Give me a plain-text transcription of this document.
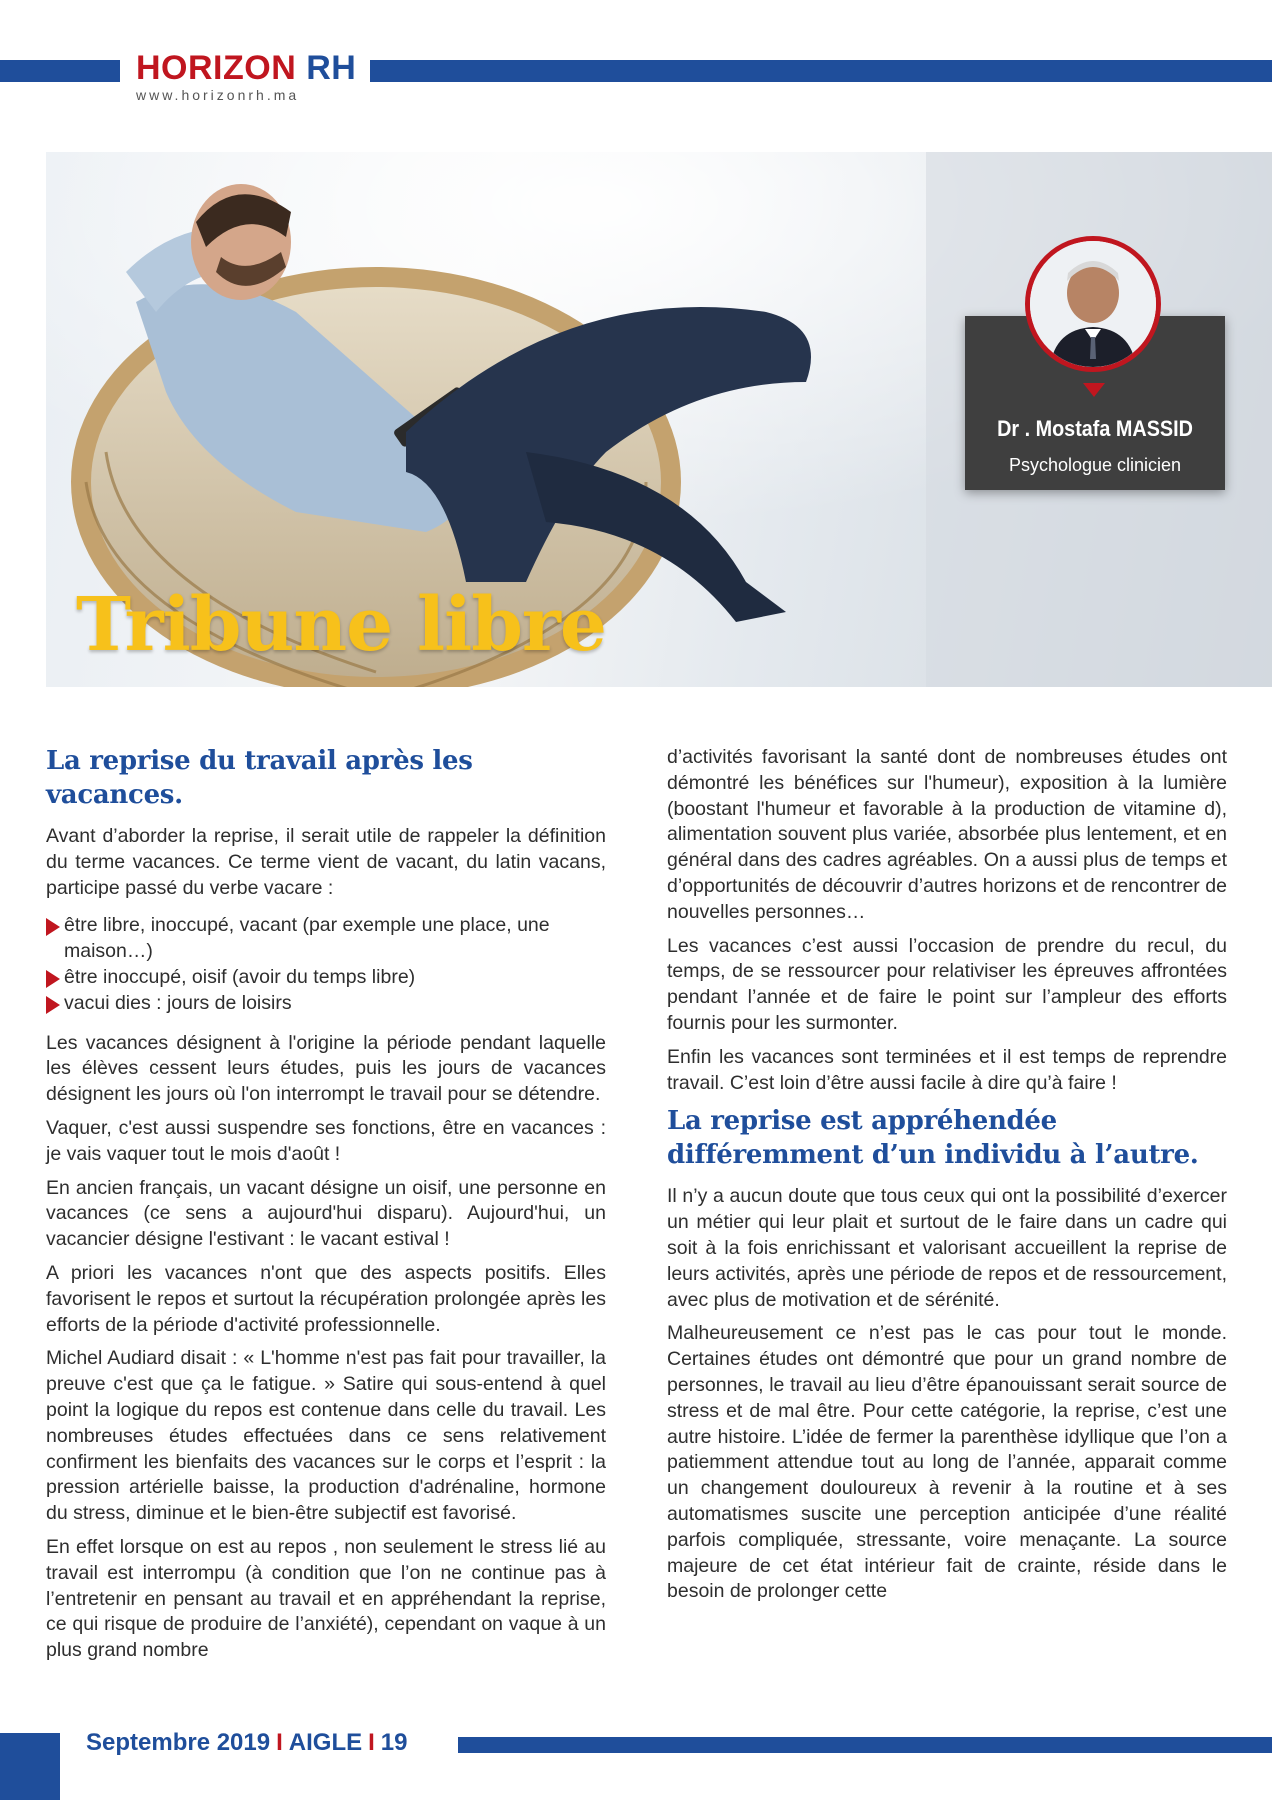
HORIZON RH
www.horizonrh.ma
Tribune libre
Dr . Mostafa MASSID
Psychologue clinicien
La reprise du travail après les vacances.

Avant d’aborder la reprise, il serait utile de rappeler la définition du terme vacances. Ce terme vient de vacant, du latin vacans, participe passé du verbe vacare :

être libre, inoccupé, vacant (par exemple une place, une maison…)
être inoccupé, oisif (avoir du temps libre)
vacui dies : jours de loisirs

Les vacances désignent à l'origine la période pendant laquelle les élèves cessent leurs études, puis les jours de vacances désignent les jours où l'on interrompt le travail pour se détendre.

Vaquer, c'est aussi suspendre ses fonctions, être en vacances : je vais vaquer tout le mois d'août !

En ancien français, un vacant désigne un oisif, une personne en vacances (ce sens a aujourd'hui disparu). Aujourd'hui, un vacancier désigne l'estivant : le vacant estival !

A priori les vacances n'ont que des aspects positifs. Elles favorisent le repos et surtout la récupération prolongée après les efforts de la période d'activité professionnelle.

Michel Audiard disait : « L'homme n'est pas fait pour travailler, la preuve c'est que ça le fatigue. » Satire qui sous-entend à quel point la logique du repos est contenue dans celle du travail. Les nombreuses études effectuées dans ce sens relativement confirment les bienfaits des vacances sur le corps et l’esprit : la pression artérielle baisse, la production d'adrénaline, hormone du stress, diminue et le bien-être subjectif est favorisé.

En effet lorsque on est au repos , non seulement le stress lié au travail est interrompu (à condition que l’on ne continue pas à l’entretenir en pensant au travail et en appréhendant la reprise, ce qui risque de produire de l’anxiété), cependant on vaque à un plus grand nombre

d’activités favorisant la santé dont de nombreuses études ont démontré les bénéfices sur l'humeur), exposition à la lumière (boostant l'humeur et favorable à la production de vitamine d), alimentation souvent plus variée, absorbée plus lentement, et en général dans des cadres agréables. On a aussi plus de temps et d’opportunités de découvrir d’autres horizons et de rencontrer de nouvelles personnes…

Les vacances c’est aussi l’occasion de prendre du recul, du temps, de se ressourcer pour relativiser les épreuves affrontées pendant l’année et de faire le point sur l’ampleur des efforts fournis pour les surmonter.

Enfin les vacances sont terminées et il est temps de reprendre travail. C’est loin d’être aussi facile à dire qu’à faire !

La reprise est appréhendée différemment d’un individu à l’autre.

Il n’y a aucun doute que tous ceux qui ont la possibilité d’exercer un métier qui leur plait et surtout de le faire dans un cadre qui soit à la fois enrichissant et valorisant accueillent la reprise de leurs activités, après une période de repos et de ressourcement, avec plus de motivation et de sérénité.

Malheureusement ce n’est pas le cas pour tout le monde. Certaines études ont démontré que pour un grand nombre de personnes, le travail au lieu d’être épanouissant serait source de stress et de mal être. Pour cette catégorie, la reprise, c’est une autre histoire. L’idée de fermer la parenthèse idyllique que l’on a patiemment attendue tout au long de l’année, apparait comme un changement douloureux à revenir à la routine et à ses automatismes suscite une perception anticipée d’une réalité parfois compliquée, stressante, voire menaçante. La source majeure de cet état intérieur fait de crainte, réside dans le besoin de prolonger cette

Septembre 2019 I AIGLE I 19
